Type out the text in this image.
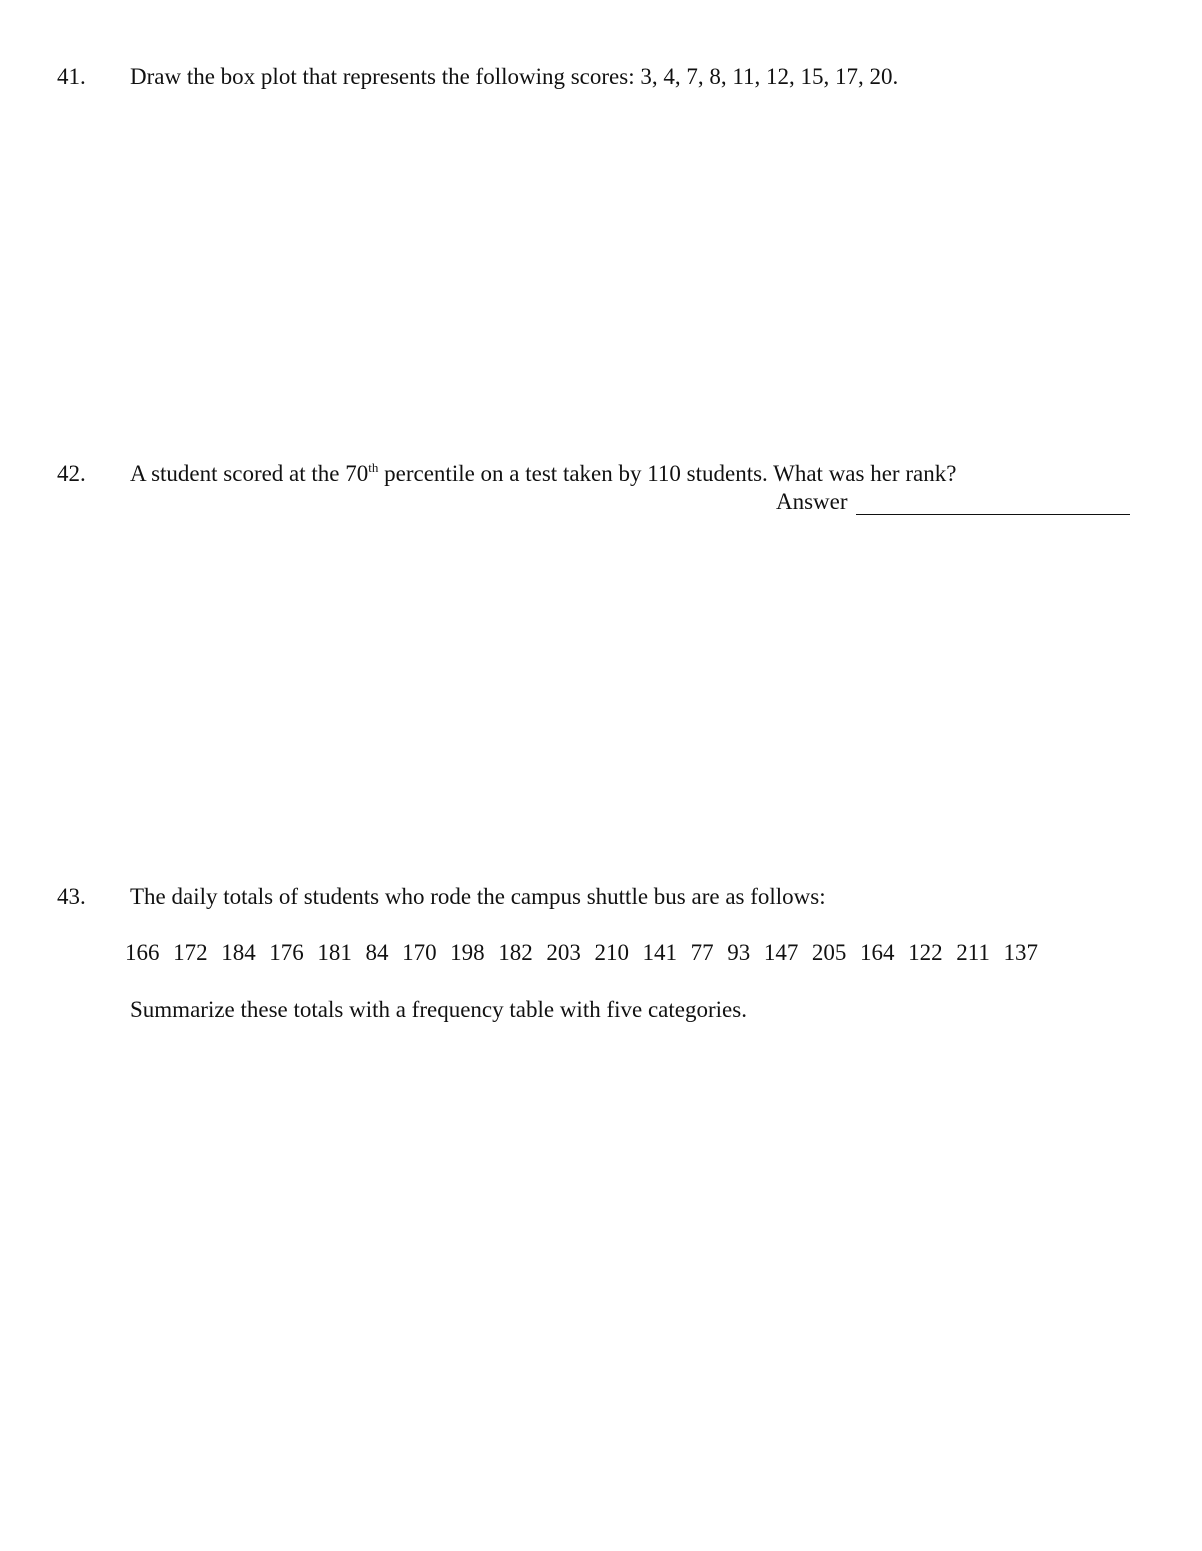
41. Draw the box plot that represents the following scores: 3, 4, 7, 8, 11, 12, 15, 17, 20.
42. A student scored at the 70th percentile on a test taken by 110 students. What was her rank?
Answer
43. The daily totals of students who rode the campus shuttle bus are as follows:
166 172 184 176 181 84 170 198 182 203 210 141 77 93 147 205 164 122 211 137
Summarize these totals with a frequency table with five categories.
